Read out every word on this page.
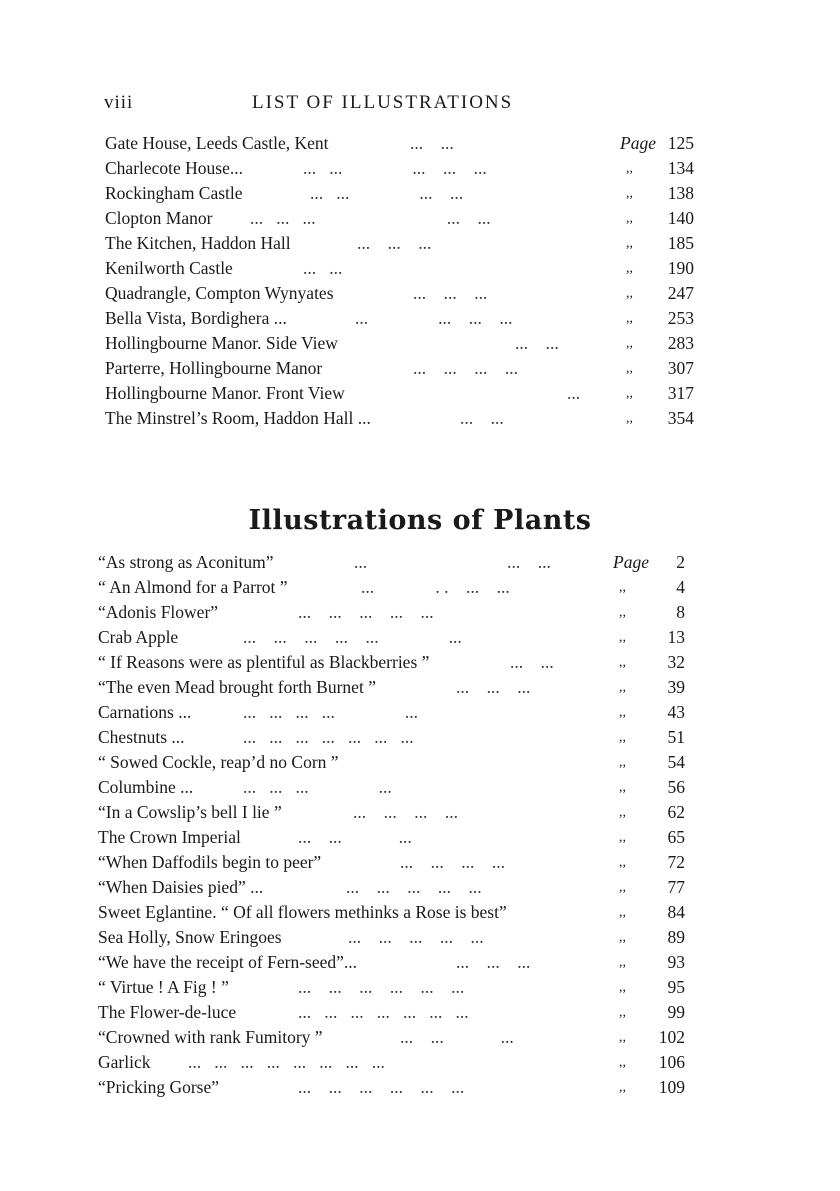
viii	LIST OF ILLUSTRATIONS
Gate House, Leeds Castle, Kent	...    ...	Page 125
Charlecote House...	...   ...                ...    ...    ...	,,	134
Rockingham Castle	...   ...                ...    ...	,,	138
Clopton Manor ...   ...   ...                              ...    ...	,,	140
The Kitchen, Haddon Hall	...    ...    ...	,,	185
Kenilworth Castle	...   ...	,,	190
Quadrangle, Compton Wynyates	...    ...    ...	,,	247
Bella Vista, Bordighera ...	...                ...    ...    ...	,,	253
Hollingbourne Manor. Side View	...    ...	,,	283
Parterre, Hollingbourne Manor	...    ...    ...    ...	,,	307
Hollingbourne Manor. Front View	...	,,	317
The Minstrel’s Room, Haddon Hall ...	...    ...	,,	354
Illustrations of Plants
“As strong as Aconitum”	...                                ...    ...	Page	2
“ An Almond for a Parrot ”	...              . .    ...    ...	,,	4
“Adonis Flower”	...    ...    ...    ...    ...	,,	8
Crab Apple	...    ...    ...    ...    ...                ...	,,	13
“ If Reasons were as plentiful as Blackberries ”	...    ...	,,	32
“The even Mead brought forth Burnet ”	...    ...    ...	,,	39
Carnations ...	...   ...   ...   ...                ...	,,	43
Chestnuts ...	...   ...   ...   ...   ...   ...   ...	,,	51
“ Sowed Cockle, reap’d no Corn ”	,,	54
Columbine ...	...   ...   ...                ...	,,	56
“In a Cowslip’s bell I lie ”	...    ...    ...    ...	,,	62
The Crown Imperial	...    ...             ...	,,	65
“When Daffodils begin to peer”	...    ...    ...    ...	,,	72
“When Daisies pied” ...	...    ...    ...    ...    ...	,,	77
Sweet Eglantine. “ Of all flowers methinks a Rose is best”	,,	84
Sea Holly, Snow Eringoes	...    ...    ...    ...    ...	,,	89
“We have the receipt of Fern-seed”...	...    ...    ...	,,	93
“ Virtue ! A Fig ! ”	...    ...    ...    ...    ...    ...	,,	95
The Flower-de-luce	...   ...   ...   ...   ...   ...   ...	,,	99
“Crowned with rank Fumitory ”	...    ...             ...	,,	102
Garlick ...   ...   ...   ...   ...   ...   ...   ...	,,	106
“Pricking Gorse”	...    ...    ...    ...    ...    ...	,,	109
